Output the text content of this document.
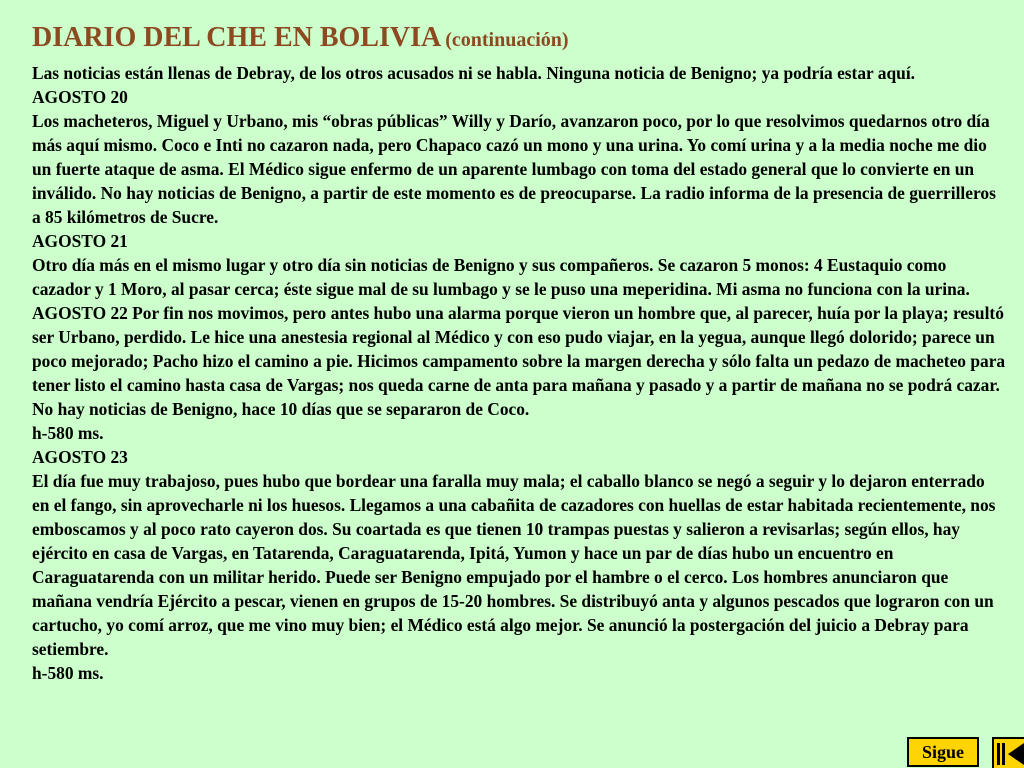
DIARIO DEL CHE EN BOLIVIA (continuación)

Las noticias están llenas de Debray, de los otros acusados ni se habla. Ninguna noticia de Benigno; ya podría estar aquí.

AGOSTO 20

Los macheteros, Miguel y Urbano, mis “obras públicas” Willy y Darío, avanzaron poco, por lo que resolvimos quedarnos otro día más aquí mismo. Coco e Inti no cazaron nada, pero Chapaco cazó un mono y una urina. Yo comí urina y a la media noche me dio un fuerte ataque de asma. El Médico sigue enfermo de un aparente lumbago con toma del estado general que lo convierte en un inválido. No hay noticias de Benigno, a partir de este momento es de preocuparse. La radio informa de la presencia de guerrilleros a 85 kilómetros de Sucre.

AGOSTO 21

Otro día más en el mismo lugar y otro día sin noticias de Benigno y sus compañeros. Se cazaron 5 monos: 4 Eustaquio como cazador y 1 Moro, al pasar cerca; éste sigue mal de su lumbago y se le puso una meperidina. Mi asma no funciona con la urina. AGOSTO 22 Por fin nos movimos, pero antes hubo una alarma porque vieron un hombre que, al parecer, huía por la playa; resultó ser Urbano, perdido. Le hice una anestesia regional al Médico y con eso pudo viajar, en la yegua, aunque llegó dolorido; parece un poco mejorado; Pacho hizo el camino a pie. Hicimos campamento sobre la margen derecha y sólo falta un pedazo de macheteo para tener listo el camino hasta casa de Vargas; nos queda carne de anta para mañana y pasado y a partir de mañana no se podrá cazar. No hay noticias de Benigno, hace 10 días que se separaron de Coco.

h-580 ms.

AGOSTO 23

El día fue muy trabajoso, pues hubo que bordear una faralla muy mala; el caballo blanco se negó a seguir y lo dejaron enterrado en el fango, sin aprovecharle ni los huesos. Llegamos a una cabañita de cazadores con huellas de estar habitada recientemente, nos emboscamos y al poco rato cayeron dos. Su coartada es que tienen 10 trampas puestas y salieron a revisarlas; según ellos, hay ejército en casa de Vargas, en Tatarenda, Caraguatarenda, Ipitá, Yumon y hace un par de días hubo un encuentro en Caraguatarenda con un militar herido. Puede ser Benigno empujado por el hambre o el cerco. Los hombres anunciaron que mañana vendría Ejército a pescar, vienen en grupos de 15-20 hombres. Se distribuyó anta y algunos pescados que lograron con un cartucho, yo comí arroz, que me vino muy bien; el Médico está algo mejor. Se anunció la postergación del juicio a Debray para setiembre.

h-580 ms.

Sigue
